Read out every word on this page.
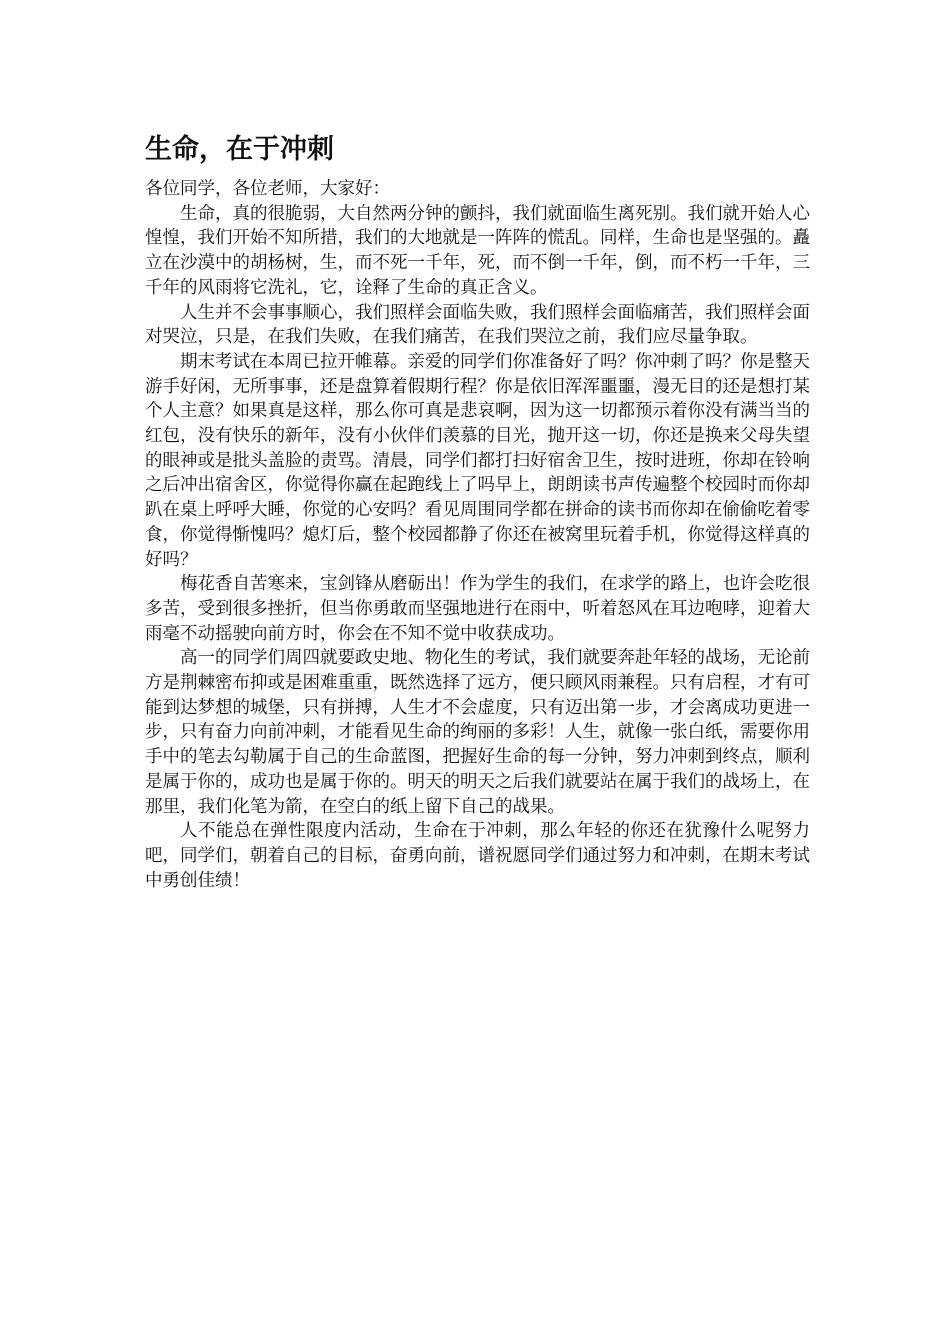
生命，在于冲刺

各位同学，各位老师，大家好：

生命，真的很脆弱，大自然两分钟的颤抖，我们就面临生离死别。我们就开始人心惶惶，我们开始不知所措，我们的大地就是一阵阵的慌乱。同样，生命也是坚强的。矗立在沙漠中的胡杨树，生，而不死一千年，死，而不倒一千年，倒，而不朽一千年，三千年的风雨将它洗礼，它，诠释了生命的真正含义。

人生并不会事事顺心，我们照样会面临失败，我们照样会面临痛苦，我们照样会面对哭泣，只是，在我们失败，在我们痛苦，在我们哭泣之前，我们应尽量争取。

期末考试在本周已拉开帷幕。亲爱的同学们你准备好了吗？你冲刺了吗？你是整天游手好闲，无所事事，还是盘算着假期行程？你是依旧浑浑噩噩，漫无目的还是想打某个人主意？如果真是这样，那么你可真是悲哀啊，因为这一切都预示着你没有满当当的红包，没有快乐的新年，没有小伙伴们羡慕的目光，抛开这一切，你还是换来父母失望的眼神或是批头盖脸的责骂。清晨，同学们都打扫好宿舍卫生，按时进班，你却在铃响之后冲出宿舍区，你觉得你赢在起跑线上了吗早上，朗朗读书声传遍整个校园时而你却趴在桌上呼呼大睡，你觉的心安吗？看见周围同学都在拼命的读书而你却在偷偷吃着零食，你觉得惭愧吗？熄灯后，整个校园都静了你还在被窝里玩着手机，你觉得这样真的好吗？

梅花香自苦寒来，宝剑锋从磨砺出！作为学生的我们，在求学的路上，也许会吃很多苦，受到很多挫折，但当你勇敢而坚强地进行在雨中，听着怒风在耳边咆哮，迎着大雨毫不动摇驶向前方时，你会在不知不觉中收获成功。

高一的同学们周四就要政史地、物化生的考试，我们就要奔赴年轻的战场，无论前方是荆棘密布抑或是困难重重，既然选择了远方，便只顾风雨兼程。只有启程，才有可能到达梦想的城堡，只有拼搏，人生才不会虚度，只有迈出第一步，才会离成功更进一步，只有奋力向前冲刺，才能看见生命的绚丽的多彩！人生，就像一张白纸，需要你用手中的笔去勾勒属于自己的生命蓝图，把握好生命的每一分钟，努力冲刺到终点，顺利是属于你的，成功也是属于你的。明天的明天之后我们就要站在属于我们的战场上，在那里，我们化笔为箭，在空白的纸上留下自己的战果。

人不能总在弹性限度内活动，生命在于冲刺，那么年轻的你还在犹豫什么呢努力吧，同学们，朝着自己的目标，奋勇向前，谱祝愿同学们通过努力和冲刺，在期末考试中勇创佳绩！
